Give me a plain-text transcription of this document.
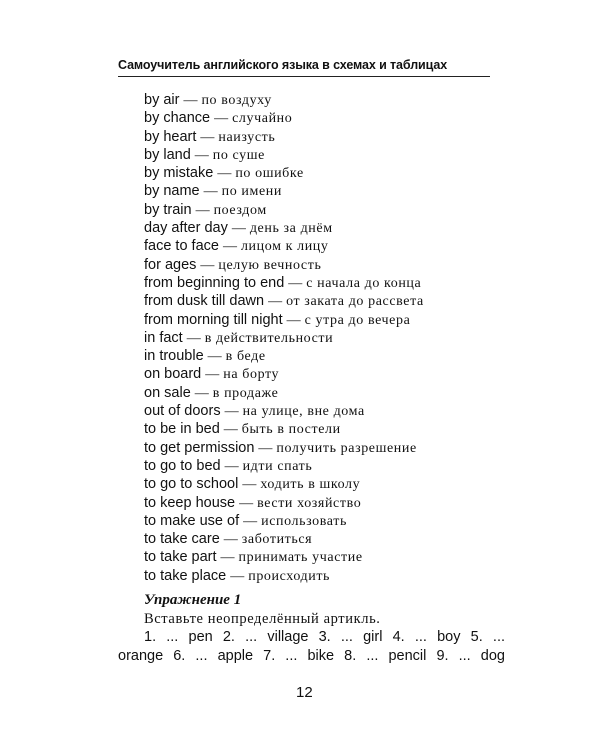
Самоучитель английского языка в схемах и таблицах
by air — по воздуху
by chance — случайно
by heart — наизусть
by land — по суше
by mistake — по ошибке
by name — по имени
by train — поездом
day after day — день за днём
face to face — лицом к лицу
for ages — целую вечность
from beginning to end — с начала до конца
from dusk till dawn — от заката до рассвета
from morning till night — с утра до вечера
in fact — в действительности
in trouble — в беде
on board — на борту
on sale — в продаже
out of doors — на улице, вне дома
to be in bed — быть в постели
to get permission — получить разрешение
to go to bed — идти спать
to go to school — ходить в школу
to keep house — вести хозяйство
to make use of — использовать
to take care — заботиться
to take part — принимать участие
to take place — происходить
Упражнение 1
Вставьте неопределённый артикль.
1. ... pen 2. ... village 3. ... girl 4. ... boy 5. ...
orange 6. ... apple 7. ... bike 8. ... pencil 9. ... dog
12
